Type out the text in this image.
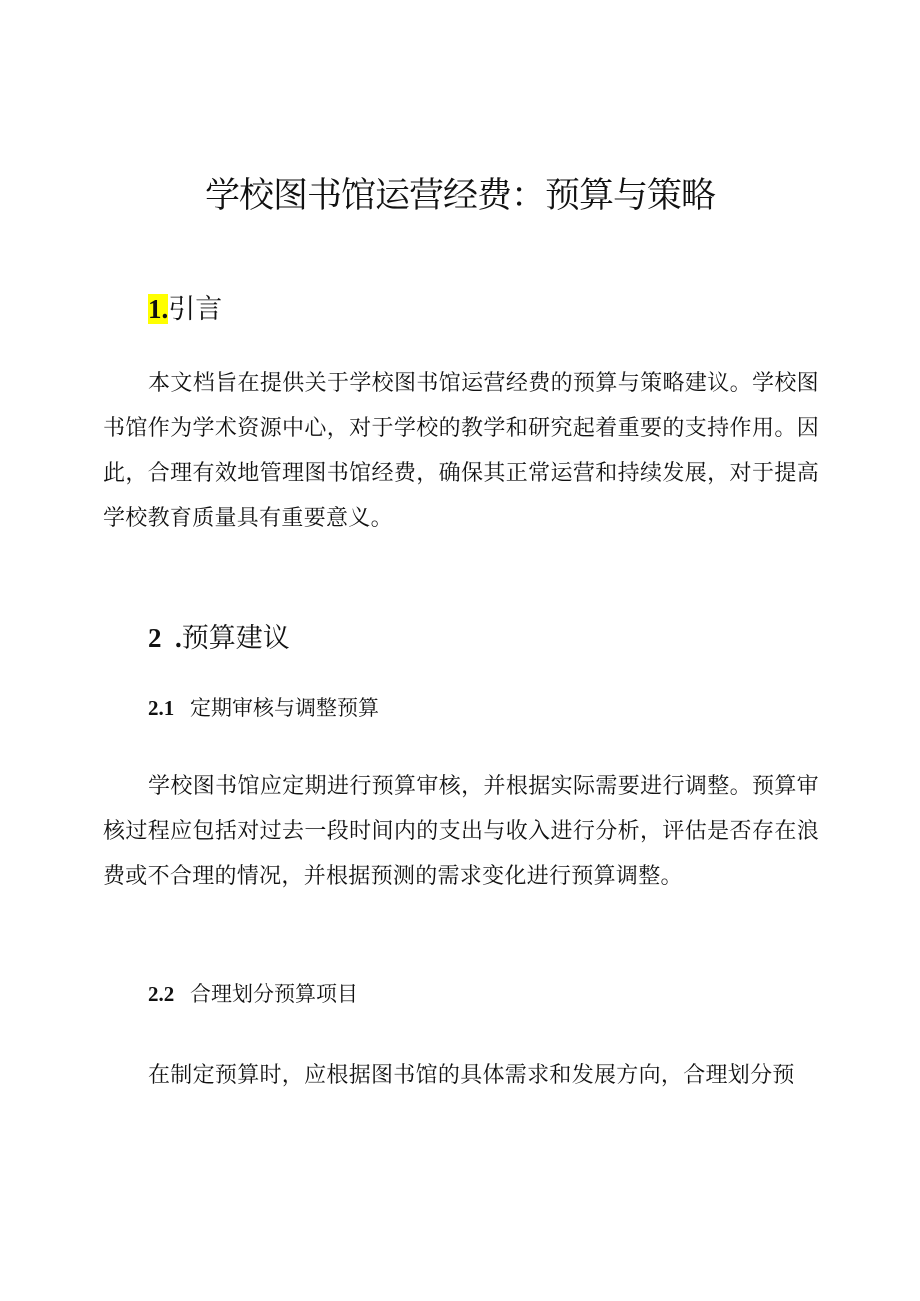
学校图书馆运营经费：预算与策略
1.引言

本文档旨在提供关于学校图书馆运营经费的预算与策略建议。学校图书馆作为学术资源中心，对于学校的教学和研究起着重要的支持作用。因此，合理有效地管理图书馆经费，确保其正常运营和持续发展，对于提高学校教育质量具有重要意义。

2  .预算建议
2.1 定期审核与调整预算

学校图书馆应定期进行预算审核，并根据实际需要进行调整。预算审核过程应包括对过去一段时间内的支出与收入进行分析，评估是否存在浪费或不合理的情况，并根据预测的需求变化进行预算调整。

2.2 合理划分预算项目

在制定预算时，应根据图书馆的具体需求和发展方向，合理划分预
